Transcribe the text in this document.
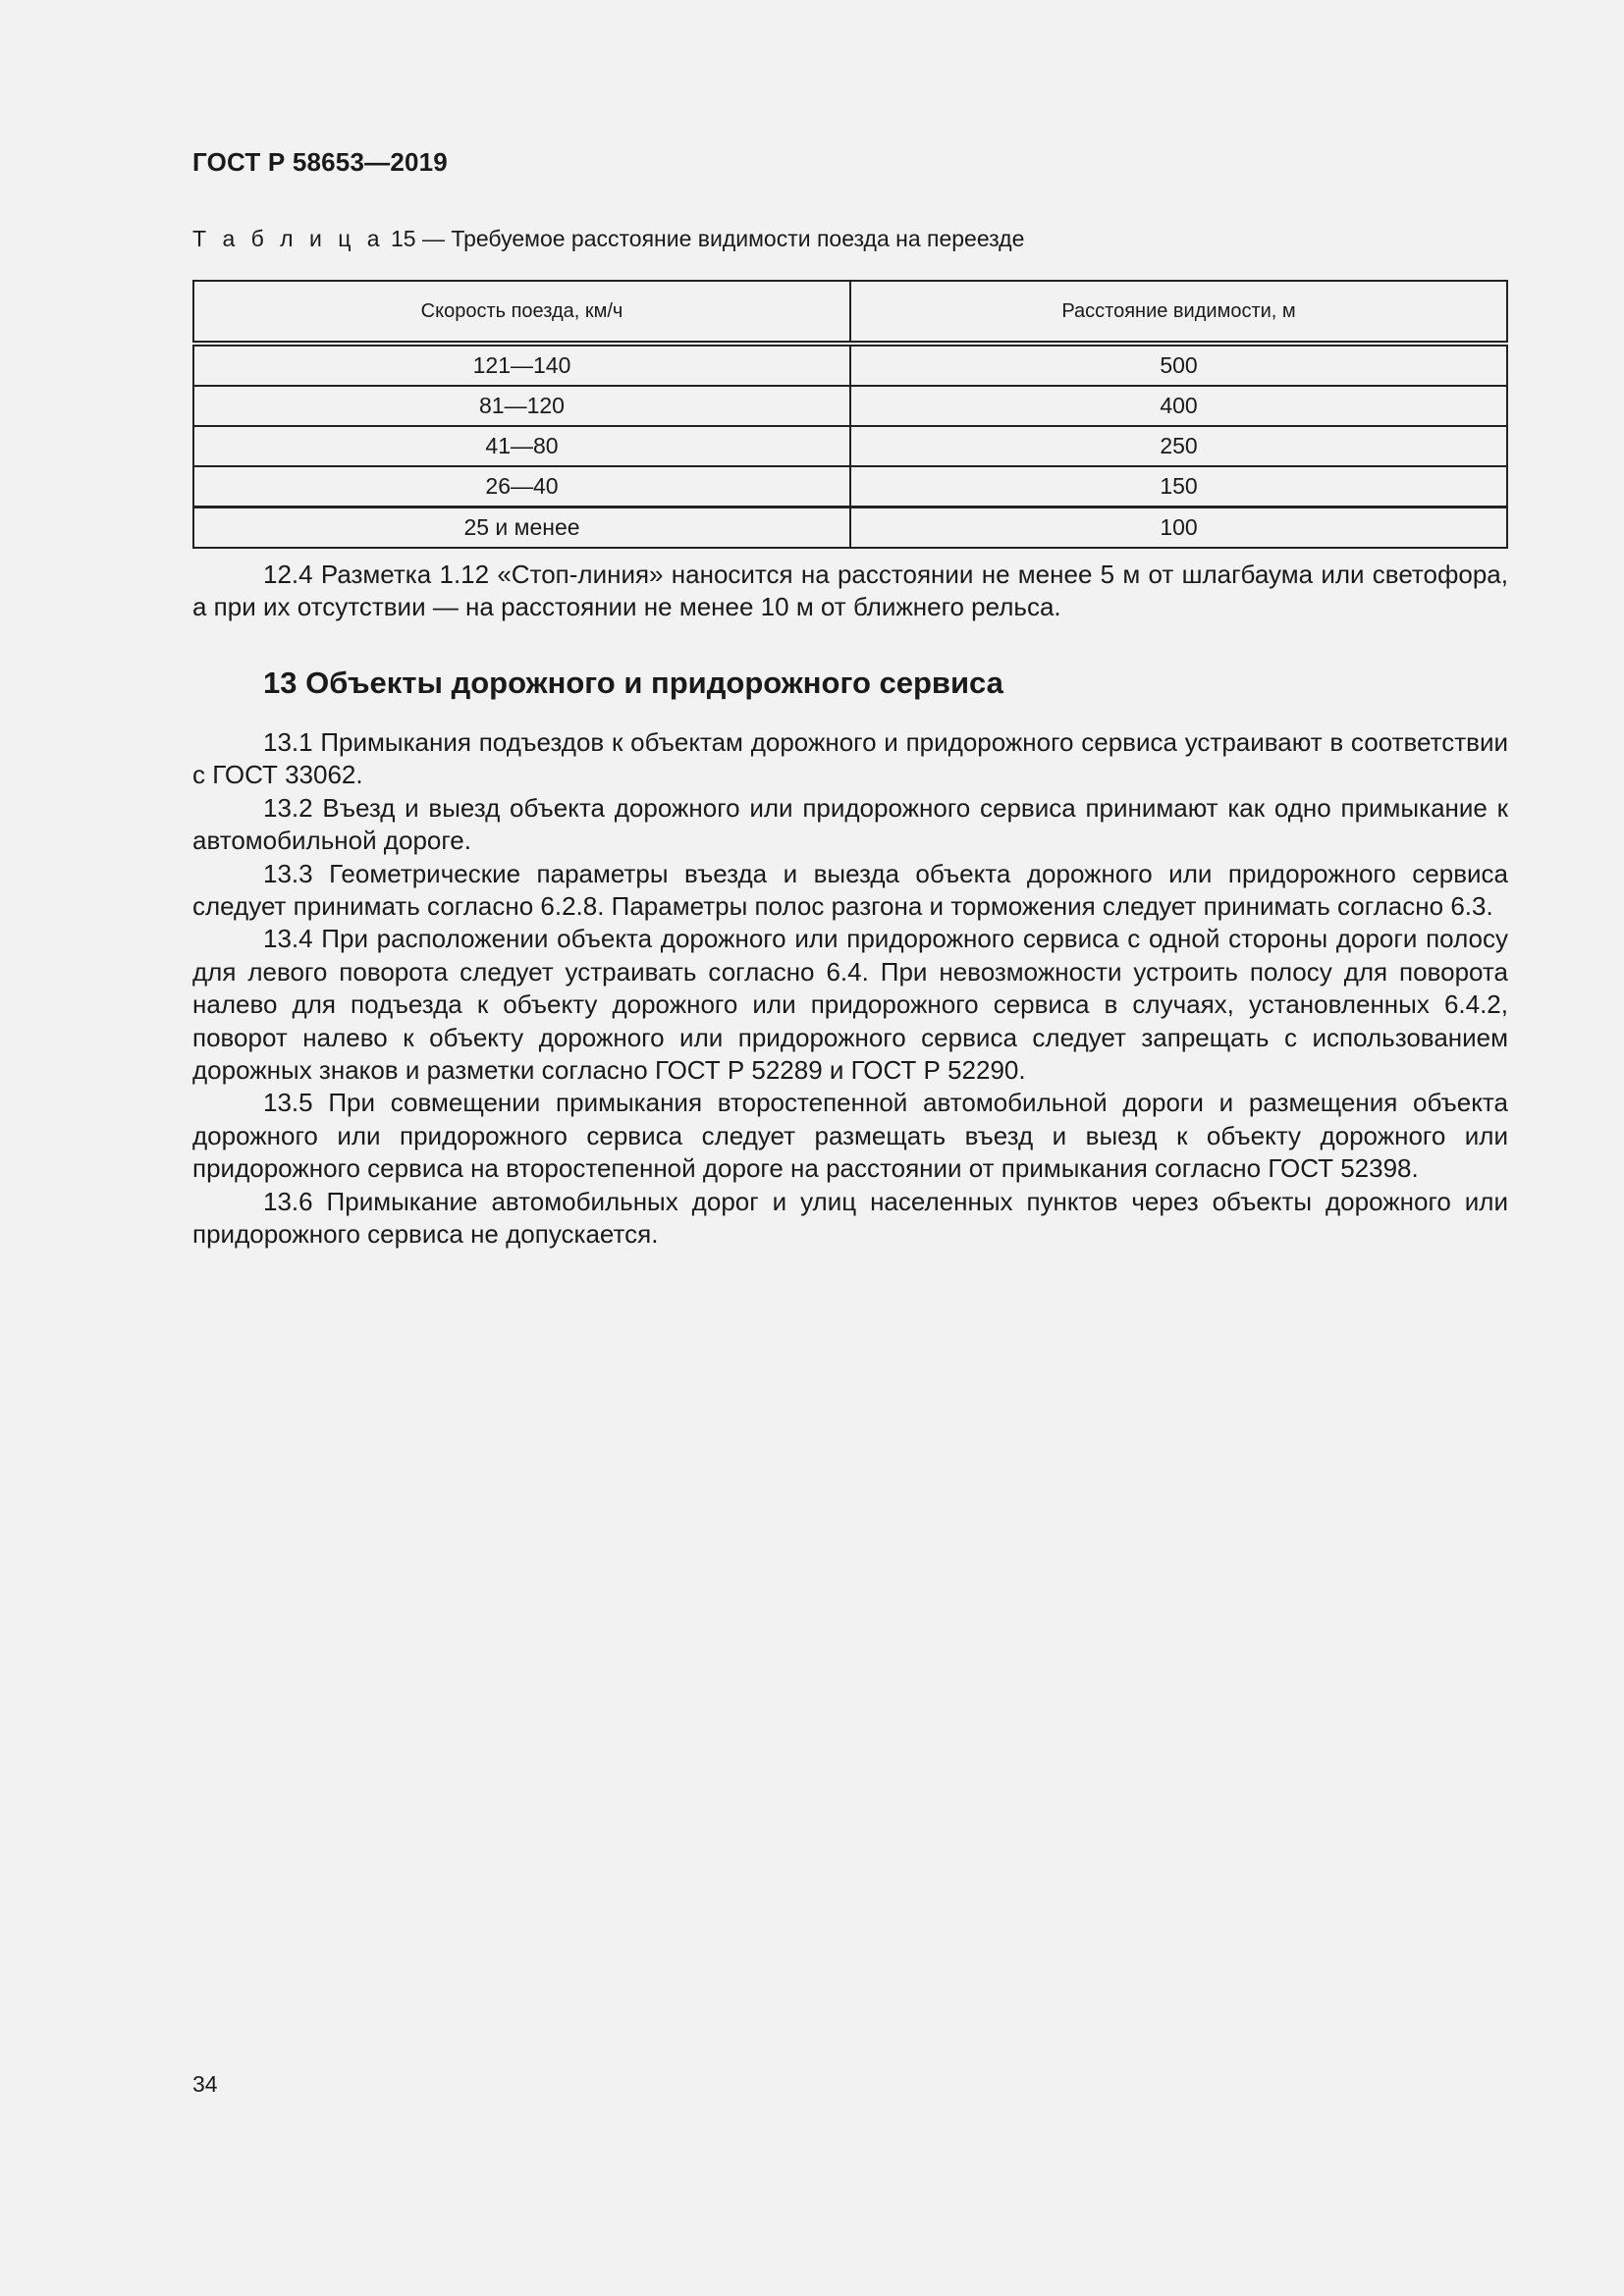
ГОСТ Р 58653—2019
Т а б л и ц а 15 — Требуемое расстояние видимости поезда на переезде
Скорость поезда, км/ч	Расстояние видимости, м
121—140	500
81—120	400
41—80	250
26—40	150
25 и менее	100

12.4 Разметка 1.12 «Стоп-линия» наносится на расстоянии не менее 5 м от шлагбаума или светофора, а при их отсутствии — на расстоянии не менее 10 м от ближнего рельса.

13 Объекты дорожного и придорожного сервиса

13.1 Примыкания подъездов к объектам дорожного и придорожного сервиса устраивают в соответствии с ГОСТ 33062.

13.2 Въезд и выезд объекта дорожного или придорожного сервиса принимают как одно примыкание к автомобильной дороге.

13.3 Геометрические параметры въезда и выезда объекта дорожного или придорожного сервиса следует принимать согласно 6.2.8. Параметры полос разгона и торможения следует принимать согласно 6.3.

13.4 При расположении объекта дорожного или придорожного сервиса с одной стороны дороги полосу для левого поворота следует устраивать согласно 6.4. При невозможности устроить полосу для поворота налево для подъезда к объекту дорожного или придорожного сервиса в случаях, установленных 6.4.2, поворот налево к объекту дорожного или придорожного сервиса следует запрещать с использованием дорожных знаков и разметки согласно ГОСТ Р 52289 и ГОСТ Р 52290.

13.5 При совмещении примыкания второстепенной автомобильной дороги и размещения объекта дорожного или придорожного сервиса следует размещать въезд и выезд к объекту дорожного или придорожного сервиса на второстепенной дороге на расстоянии от примыкания согласно ГОСТ 52398.

13.6 Примыкание автомобильных дорог и улиц населенных пунктов через объекты дорожного или придорожного сервиса не допускается.

34
